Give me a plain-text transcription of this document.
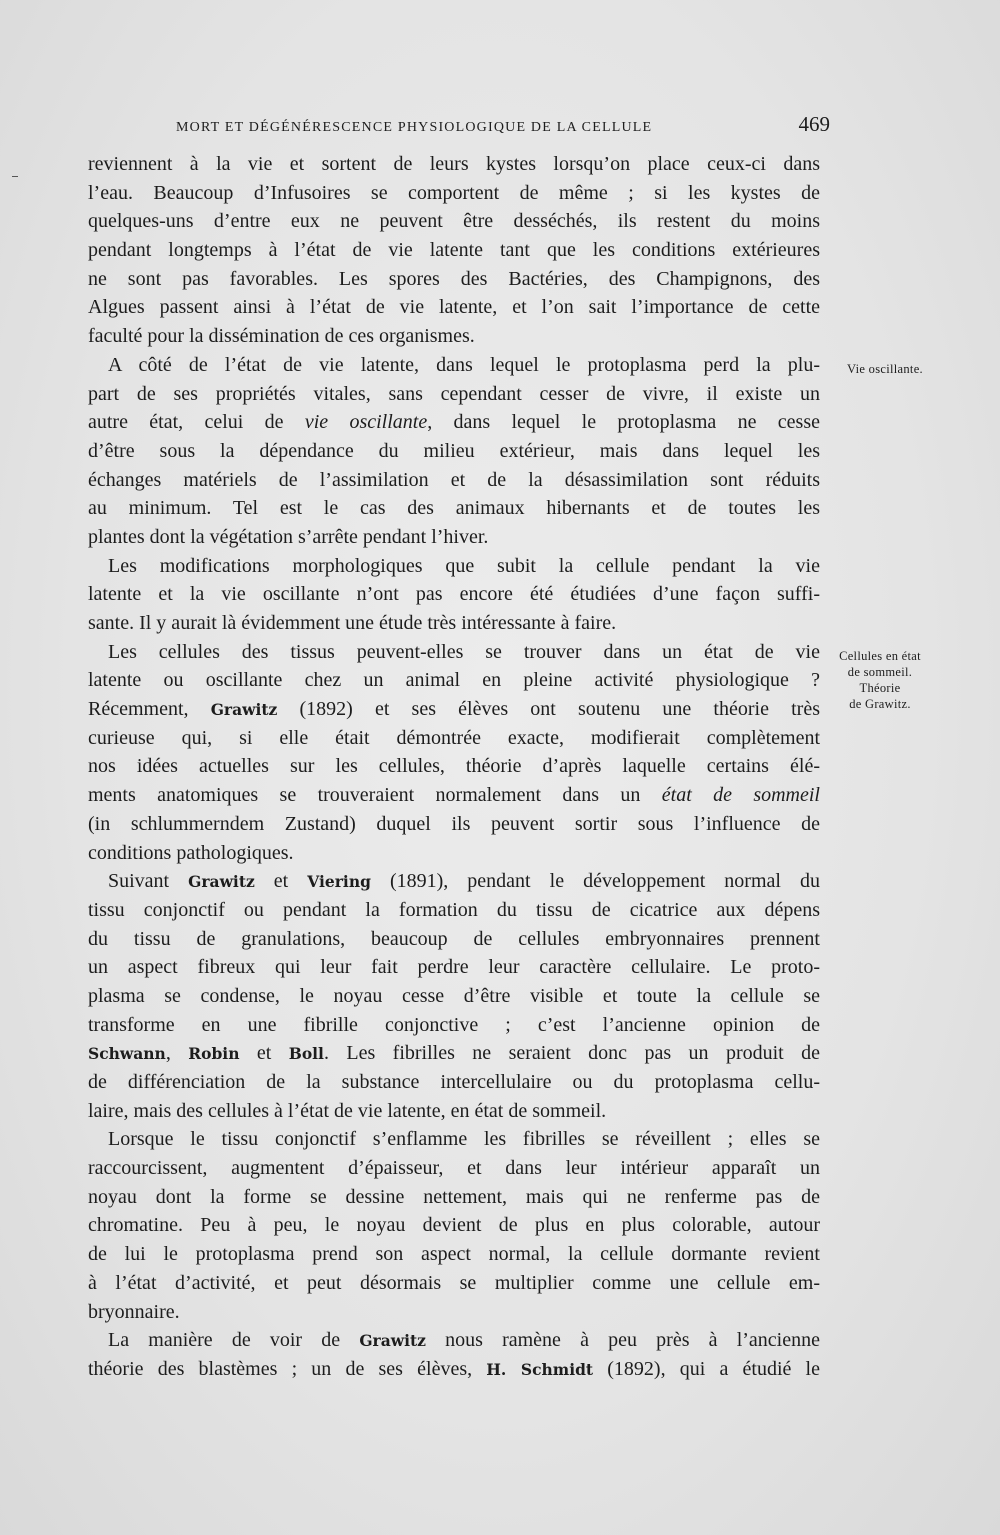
MORT ET DÉGÉNÉRESCENCE PHYSIOLOGIQUE DE LA CELLULE	469
reviennent à la vie et sortent de leurs kystes lorsqu’on place ceux-ci dans
l’eau. Beaucoup d’Infusoires se comportent de même ; si les kystes de
quelques-uns d’entre eux ne peuvent être desséchés, ils restent du moins
pendant longtemps à l’état de vie latente tant que les conditions extérieures
ne sont pas favorables. Les spores des Bactéries, des Champignons, des
Algues passent ainsi à l’état de vie latente, et l’on sait l’importance de cette
faculté pour la dissémination de ces organismes.
A côté de l’état de vie latente, dans lequel le protoplasma perd la plu-
part de ses propriétés vitales, sans cependant cesser de vivre, il existe un
autre état, celui de vie oscillante, dans lequel le protoplasma ne cesse
d’être sous la dépendance du milieu extérieur, mais dans lequel les
échanges matériels de l’assimilation et de la désassimilation sont réduits
au minimum. Tel est le cas des animaux hibernants et de toutes les
plantes dont la végétation s’arrête pendant l’hiver.
Les modifications morphologiques que subit la cellule pendant la vie
latente et la vie oscillante n’ont pas encore été étudiées d’une façon suffi-
sante. Il y aurait là évidemment une étude très intéressante à faire.
Les cellules des tissus peuvent-elles se trouver dans un état de vie
latente ou oscillante chez un animal en pleine activité physiologique ?
Récemment, Grawitz (1892) et ses élèves ont soutenu une théorie très
curieuse qui, si elle était démontrée exacte, modifierait complètement
nos idées actuelles sur les cellules, théorie d’après laquelle certains élé-
ments anatomiques se trouveraient normalement dans un état de sommeil
(in schlummerndem Zustand) duquel ils peuvent sortir sous l’influence de
conditions pathologiques.
Suivant Grawitz et Viering (1891), pendant le développement normal du
tissu conjonctif ou pendant la formation du tissu de cicatrice aux dépens
du tissu de granulations, beaucoup de cellules embryonnaires prennent
un aspect fibreux qui leur fait perdre leur caractère cellulaire. Le proto-
plasma se condense, le noyau cesse d’être visible et toute la cellule se
transforme en une fibrille conjonctive ; c’est l’ancienne opinion de
Schwann, Robin et Boll. Les fibrilles ne seraient donc pas un produit de
de différenciation de la substance intercellulaire ou du protoplasma cellu-
laire, mais des cellules à l’état de vie latente, en état de sommeil.
Lorsque le tissu conjonctif s’enflamme les fibrilles se réveillent ; elles se
raccourcissent, augmentent d’épaisseur, et dans leur intérieur apparaît un
noyau dont la forme se dessine nettement, mais qui ne renferme pas de
chromatine. Peu à peu, le noyau devient de plus en plus colorable, autour
de lui le protoplasma prend son aspect normal, la cellule dormante revient
à l’état d’activité, et peut désormais se multiplier comme une cellule em-
bryonnaire.
La manière de voir de Grawitz nous ramène à peu près à l’ancienne
théorie des blastèmes ; un de ses élèves, H. Schmidt (1892), qui a étudié le
Vie oscillante.
Cellules en état
de sommeil.
Théorie
de Grawitz.
